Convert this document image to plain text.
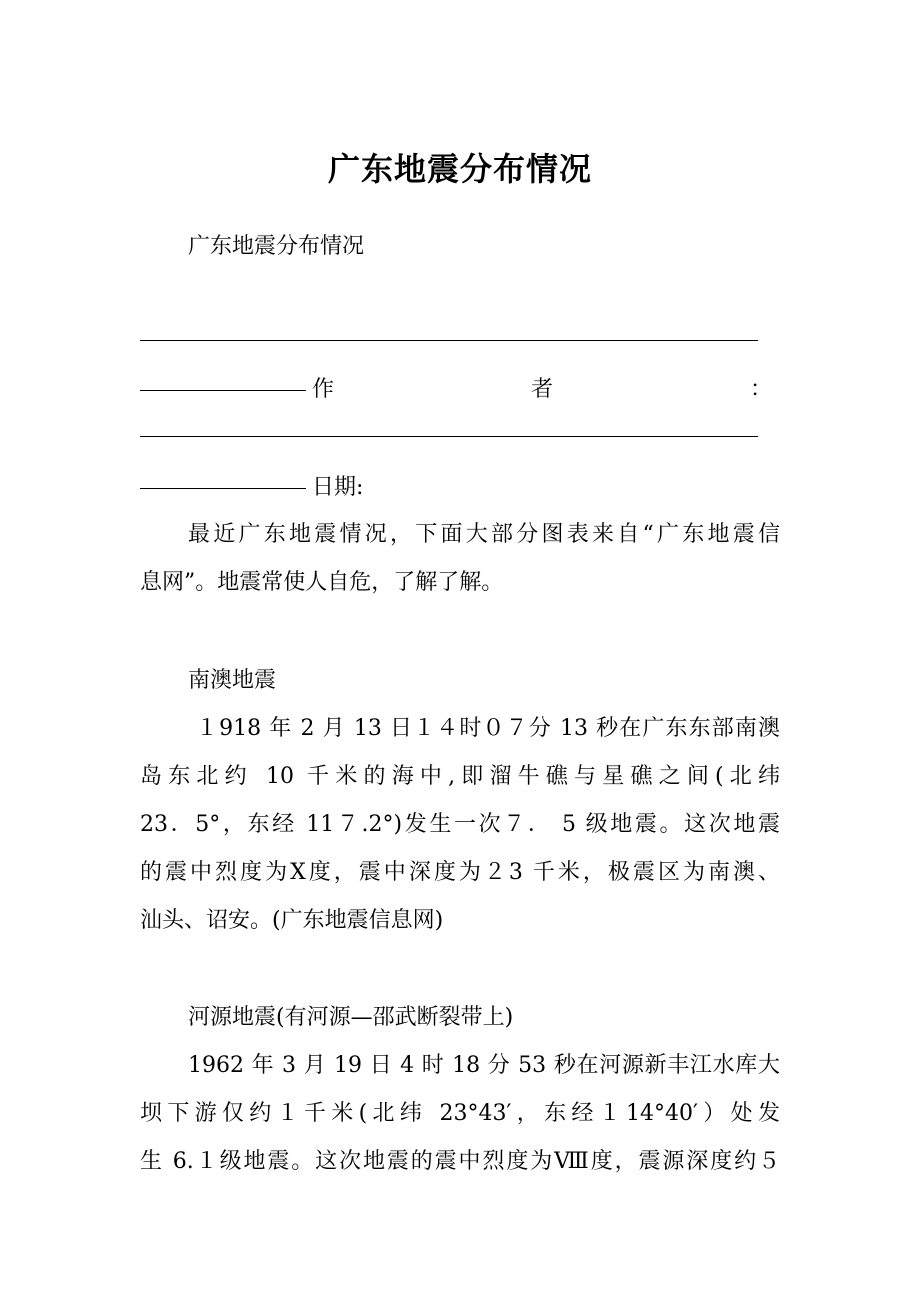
广东地震分布情况
广东地震分布情况
作	者	：
日期:
最近广东地震情况，下面大部分图表来自“广东地震信
息网”。地震常使人自危，了解了解。
南澳地震
１918 年 2 月 13 日１４时０７分 13 秒在广东东部南澳
岛东北约 10 千米的海中,即溜牛礁与星礁之间(北纬
23．5°，东经 11７.2°)发生一次７． 5 级地震。这次地震
的震中烈度为Ⅹ度，震中深度为２3 千米，极震区为南澳、
汕头、诏安。(广东地震信息网)
河源地震(有河源—邵武断裂带上)
1962 年 3 月 19 日 4 时 18 分 53 秒在河源新丰江水库大
坝下游仅约１千米(北纬 23°43′，东经１14°40′）处发
生 6.１级地震。这次地震的震中烈度为Ⅷ度，震源深度约５
